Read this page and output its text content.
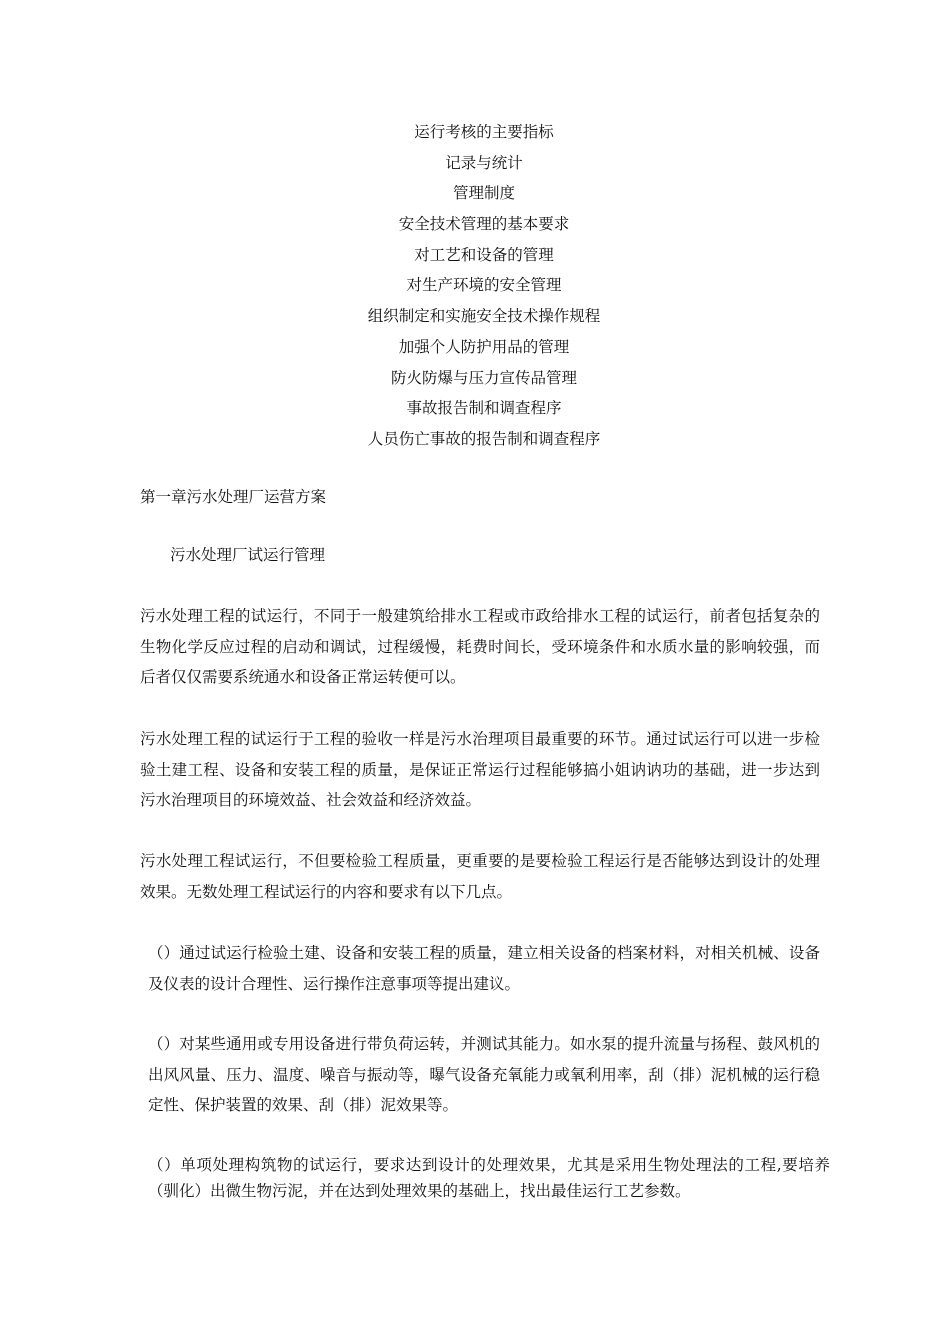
运行考核的主要指标
记录与统计
管理制度
安全技术管理的基本要求
对工艺和设备的管理
对生产环境的安全管理
组织制定和实施安全技术操作规程
加强个人防护用品的管理
防火防爆与压力宣传品管理
事故报告制和调查程序
人员伤亡事故的报告制和调查程序
第一章污水处理厂运营方案
污水处理厂试运行管理

污水处理工程的试运行，不同于一般建筑给排水工程或市政给排水工程的试运行，前者包括复杂的生物化学反应过程的启动和调试，过程缓慢，耗费时间长，受环境条件和水质水量的影响较强，而后者仅仅需要系统通水和设备正常运转便可以。

污水处理工程的试运行于工程的验收一样是污水治理项目最重要的环节。通过试运行可以进一步检验土建工程、设备和安装工程的质量，是保证正常运行过程能够搞小姐讷讷功的基础，进一步达到污水治理项目的环境效益、社会效益和经济效益。

污水处理工程试运行，不但要检验工程质量，更重要的是要检验工程运行是否能够达到设计的处理效果。无数处理工程试运行的内容和要求有以下几点。

（）通过试运行检验土建、设备和安装工程的质量，建立相关设备的档案材料，对相关机械、设备及仪表的设计合理性、运行操作注意事项等提出建议。

（）对某些通用或专用设备进行带负荷运转，并测试其能力。如水泵的提升流量与扬程、鼓风机的出风风量、压力、温度、噪音与振动等，曝气设备充氧能力或氧利用率，刮（排）泥机械的运行稳定性、保护装置的效果、刮（排）泥效果等。

（）单项处理构筑物的试运行，要求达到设计的处理效果，尤其是采用生物处理法的工程,要培养（驯化）出微生物污泥，并在达到处理效果的基础上，找出最佳运行工艺参数。
